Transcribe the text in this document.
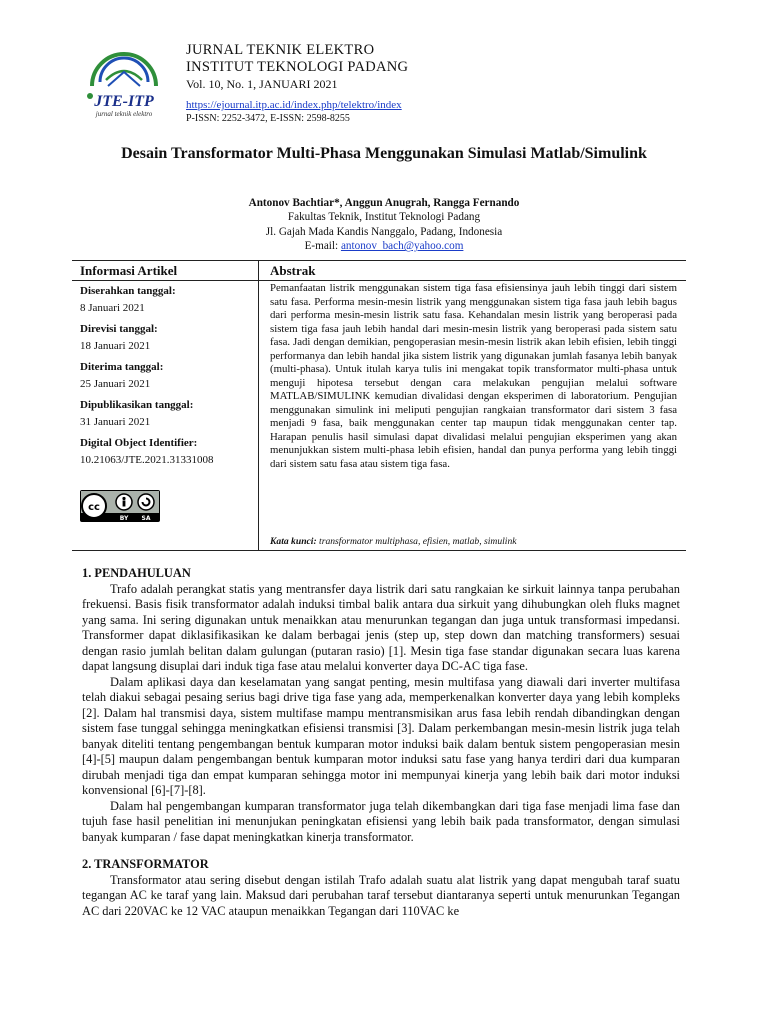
JTE-ITP
jurnal teknik elektro
JURNAL TEKNIK ELEKTRO
INSTITUT TEKNOLOGI PADANG
Vol. 10, No. 1, JANUARI 2021
https://ejournal.itp.ac.id/index.php/telektro/index
P-ISSN: 2252-3472, E-ISSN: 2598-8255
Desain Transformator Multi-Phasa Menggunakan Simulasi Matlab/Simulink
Antonov Bachtiar*, Anggun Anugrah, Rangga Fernando
Fakultas Teknik, Institut Teknologi Padang
Jl. Gajah Mada Kandis Nanggalo, Padang, Indonesia
E-mail: antonov_bach@yahoo.com
Informasi Artikel	Abstrak
Diserahkan tanggal:
8 Januari 2021
Direvisi tanggal:
18 Januari 2021
Diterima tanggal:
25 Januari 2021
Dipublikasikan tanggal:
31 Januari 2021
Digital Object Identifier:
10.21063/JTE.2021.31331008
cc
BY SA
Pemanfaatan listrik menggunakan sistem tiga fasa efisiensinya jauh lebih tinggi dari sistem satu fasa. Performa mesin-mesin listrik yang menggunakan sistem tiga fasa jauh lebih bagus dari performa mesin-mesin listrik satu fasa. Kehandalan mesin listrik yang beroperasi pada sistem tiga fasa jauh lebih handal dari mesin-mesin listrik yang beroperasi pada sistem satu fasa. Jadi dengan demikian, pengoperasian mesin-mesin listrik akan lebih efisien, lebih tinggi performanya dan lebih handal jika sistem listrik yang digunakan jumlah fasanya lebih banyak (multi-phasa). Untuk itulah karya tulis ini mengakat topik transformator multi-phasa untuk menguji hipotesa tersebut dengan cara melakukan pengujian melalui software MATLAB/SIMULINK kemudian divalidasi dengan eksperimen di laboratorium. Pengujian menggunakan simulink ini meliputi pengujian rangkaian transformator dari sistem 3 fasa menjadi 9 fasa, baik menggunakan center tap maupun tidak menggunakan center tap. Harapan penulis hasil simulasi dapat divalidasi melalui pengujian eksperimen yang akan menunjukkan sistem multi-phasa lebih efisien, handal dan punya performa yang lebih tinggi dari sistem satu fasa atau sistem tiga fasa.
Kata kunci: transformator multiphasa, efisien, matlab, simulink
1. PENDAHULUAN

Trafo adalah perangkat statis yang mentransfer daya listrik dari satu rangkaian ke sirkuit lainnya tanpa perubahan frekuensi. Basis fisik transformator adalah induksi timbal balik antara dua sirkuit yang dihubungkan oleh fluks magnet yang sama. Ini sering digunakan untuk menaikkan atau menurunkan tegangan dan juga untuk transformasi impedansi. Transformer dapat diklasifikasikan ke dalam berbagai jenis (step up, step down dan matching transformers) sesuai dengan rasio jumlah belitan dalam gulungan (putaran rasio) [1]. Mesin tiga fase standar digunakan secara luas karena dapat langsung disuplai dari induk tiga fase atau melalui konverter daya DC-AC tiga fase.

Dalam aplikasi daya dan keselamatan yang sangat penting, mesin multifasa yang diawali dari inverter multifasa telah diakui sebagai pesaing serius bagi drive tiga fase yang ada, memperkenalkan konverter daya yang lebih kompleks [2]. Dalam hal transmisi daya, sistem multifase mampu mentransmisikan arus fasa lebih rendah dibandingkan dengan sistem fase tunggal sehingga meningkatkan efisiensi transmisi [3]. Dalam perkembangan mesin-mesin listrik juga telah banyak diteliti tentang pengembangan bentuk kumparan motor induksi baik dalam bentuk sistem pengoperasian mesin [4]-[5] maupun dalam pengembangan bentuk kumparan motor induksi satu fase yang hanya terdiri dari dua kumparan dirubah menjadi tiga dan empat kumparan sehingga motor ini mempunyai kinerja yang lebih baik dari motor induksi konvensional [6]-[7]-[8].

Dalam hal pengembangan kumparan transformator juga telah dikembangkan dari tiga fase menjadi lima fase dan tujuh fase hasil penelitian ini menunjukan peningkatan efisiensi yang lebih baik pada transformator, dengan simulasi banyak kumparan / fase dapat meningkatkan kinerja transformator.

2. TRANSFORMATOR

Transformator atau sering disebut dengan istilah Trafo adalah suatu alat listrik yang dapat mengubah taraf suatu tegangan AC ke taraf yang lain. Maksud dari perubahan taraf tersebut diantaranya seperti untuk menurunkan Tegangan AC dari 220VAC ke 12 VAC ataupun menaikkan Tegangan dari 110VAC ke
